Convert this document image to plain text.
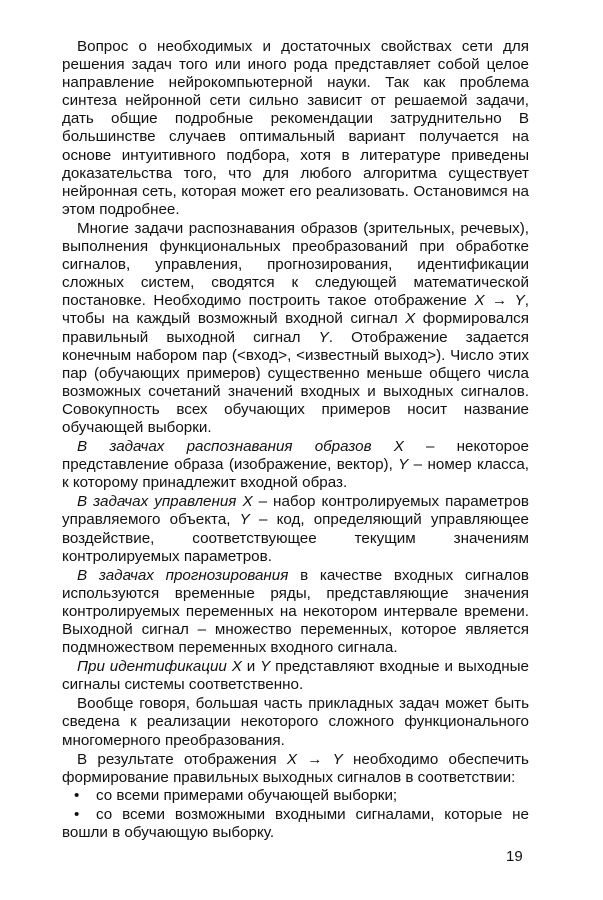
Вопрос о необходимых и достаточных свойствах сети для решения задач того или иного рода представляет собой целое направление нейрокомпьютерной науки. Так как проблема синтеза нейронной сети сильно зависит от решаемой задачи, дать общие подробные рекомендации затруднительно В большинстве случаев оптимальный вариант получается на основе интуитивного подбора, хотя в литературе приведены доказательства того, что для любого алгоритма существует нейронная сеть, которая может его реализовать. Остановимся на этом подробнее.

Многие задачи распознавания образов (зрительных, речевых), выполнения функциональных преобразований при обработке сигналов, управления, прогнозирования, идентификации сложных систем, сводятся к следующей математической постановке. Необходимо построить такое отображение X → Y, чтобы на каждый возможный входной сигнал X формировался правильный выходной сигнал Y. Отображение задается конечным набором пар (<вход>, <известный выход>). Число этих пар (обучающих примеров) существенно меньше общего числа возможных сочетаний значений входных и выходных сигналов. Совокупность всех обучающих примеров носит название обучающей выборки.

В задачах распознавания образов X – некоторое представление образа (изображение, вектор), Y – номер класса, к которому принадлежит входной образ.

В задачах управления X – набор контролируемых параметров управляемого объекта, Y – код, определяющий управляющее воздействие, соответствующее текущим значениям контролируемых параметров.

В задачах прогнозирования в качестве входных сигналов используются временные ряды, представляющие значения контролируемых переменных на некотором интервале времени. Выходной сигнал – множество переменных, которое является подмножеством переменных входного сигнала.

При идентификации X и Y представляют входные и выходные сигналы системы соответственно.

Вообще говоря, большая часть прикладных задач может быть сведена к реализации некоторого сложного функционального многомерного преобразования.

В результате отображения X → Y необходимо обеспечить формирование правильных выходных сигналов в соответствии:

• со всеми примерами обучающей выборки;

• со всеми возможными входными сигналами, которые не вошли в обучающую выборку.

19
